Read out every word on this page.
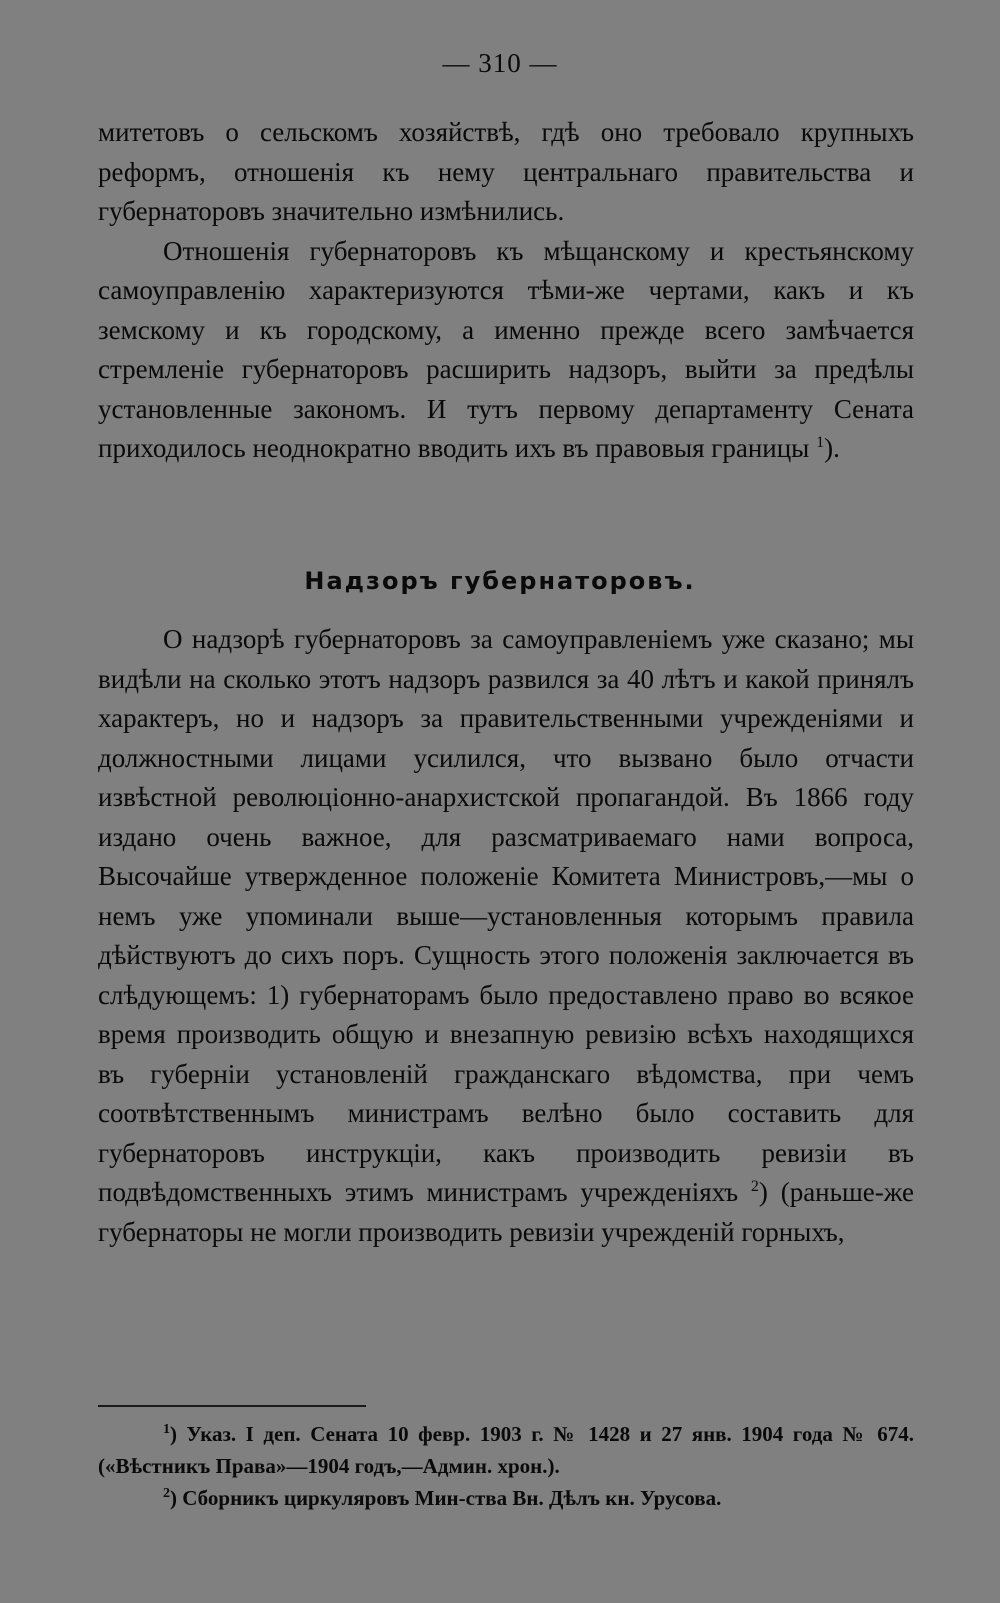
— 310 —

митетовъ о сельскомъ хозяйствѣ, гдѣ оно требовало крупныхъ реформъ, отношенія къ нему центральнаго правительства и губернаторовъ значительно измѣнились.

Отношенія губернаторовъ къ мѣщанскому и крестьянскому самоуправленію характеризуются тѣми-же чертами, какъ и къ земскому и къ городскому, а именно прежде всего замѣчается стремленіе губернаторовъ расширить надзоръ, выйти за предѣлы установленные закономъ. И тутъ первому департаменту Сената приходилось неоднократно вводить ихъ въ правовыя границы $^1$).

Надзоръ губернаторовъ.

О надзорѣ губернаторовъ за самоуправленіемъ уже сказано; мы видѣли на сколько этотъ надзоръ развился за 40 лѣтъ и какой принялъ характеръ, но и надзоръ за правительственными учрежденіями и должностными лицами усилился, что вызвано было отчасти извѣстной революціонно-анархистской пропагандой. Въ 1866 году издано очень важное, для разсматриваемаго нами вопроса, Высочайше утвержденное положеніе Комитета Министровъ,—мы о немъ уже упоминали выше—установленныя которымъ правила дѣйствуютъ до сихъ поръ. Сущность этого положенія заключается въ слѣдующемъ: 1) губернаторамъ было предоставлено право во всякое время производить общую и внезапную ревизію всѣхъ находящихся въ губерніи установленій гражданскаго вѣдомства, при чемъ соотвѣтственнымъ министрамъ велѣно было составить для губернаторовъ инструкціи, какъ производить ревизіи въ подвѣдомственныхъ этимъ министрамъ учрежденіяхъ $^2$) (раньше-же губернаторы не могли производить ревизіи учрежденій горныхъ,

$^1$) Указ. I деп. Сената 10 февр. 1903 г. № 1428 и 27 янв. 1904 года № 674. («Вѣстникъ Права»—1904 годъ,—Админ. хрон.).

$^2$) Сборникъ циркуляровъ Мин-ства Вн. Дѣлъ кн. Урусова.
